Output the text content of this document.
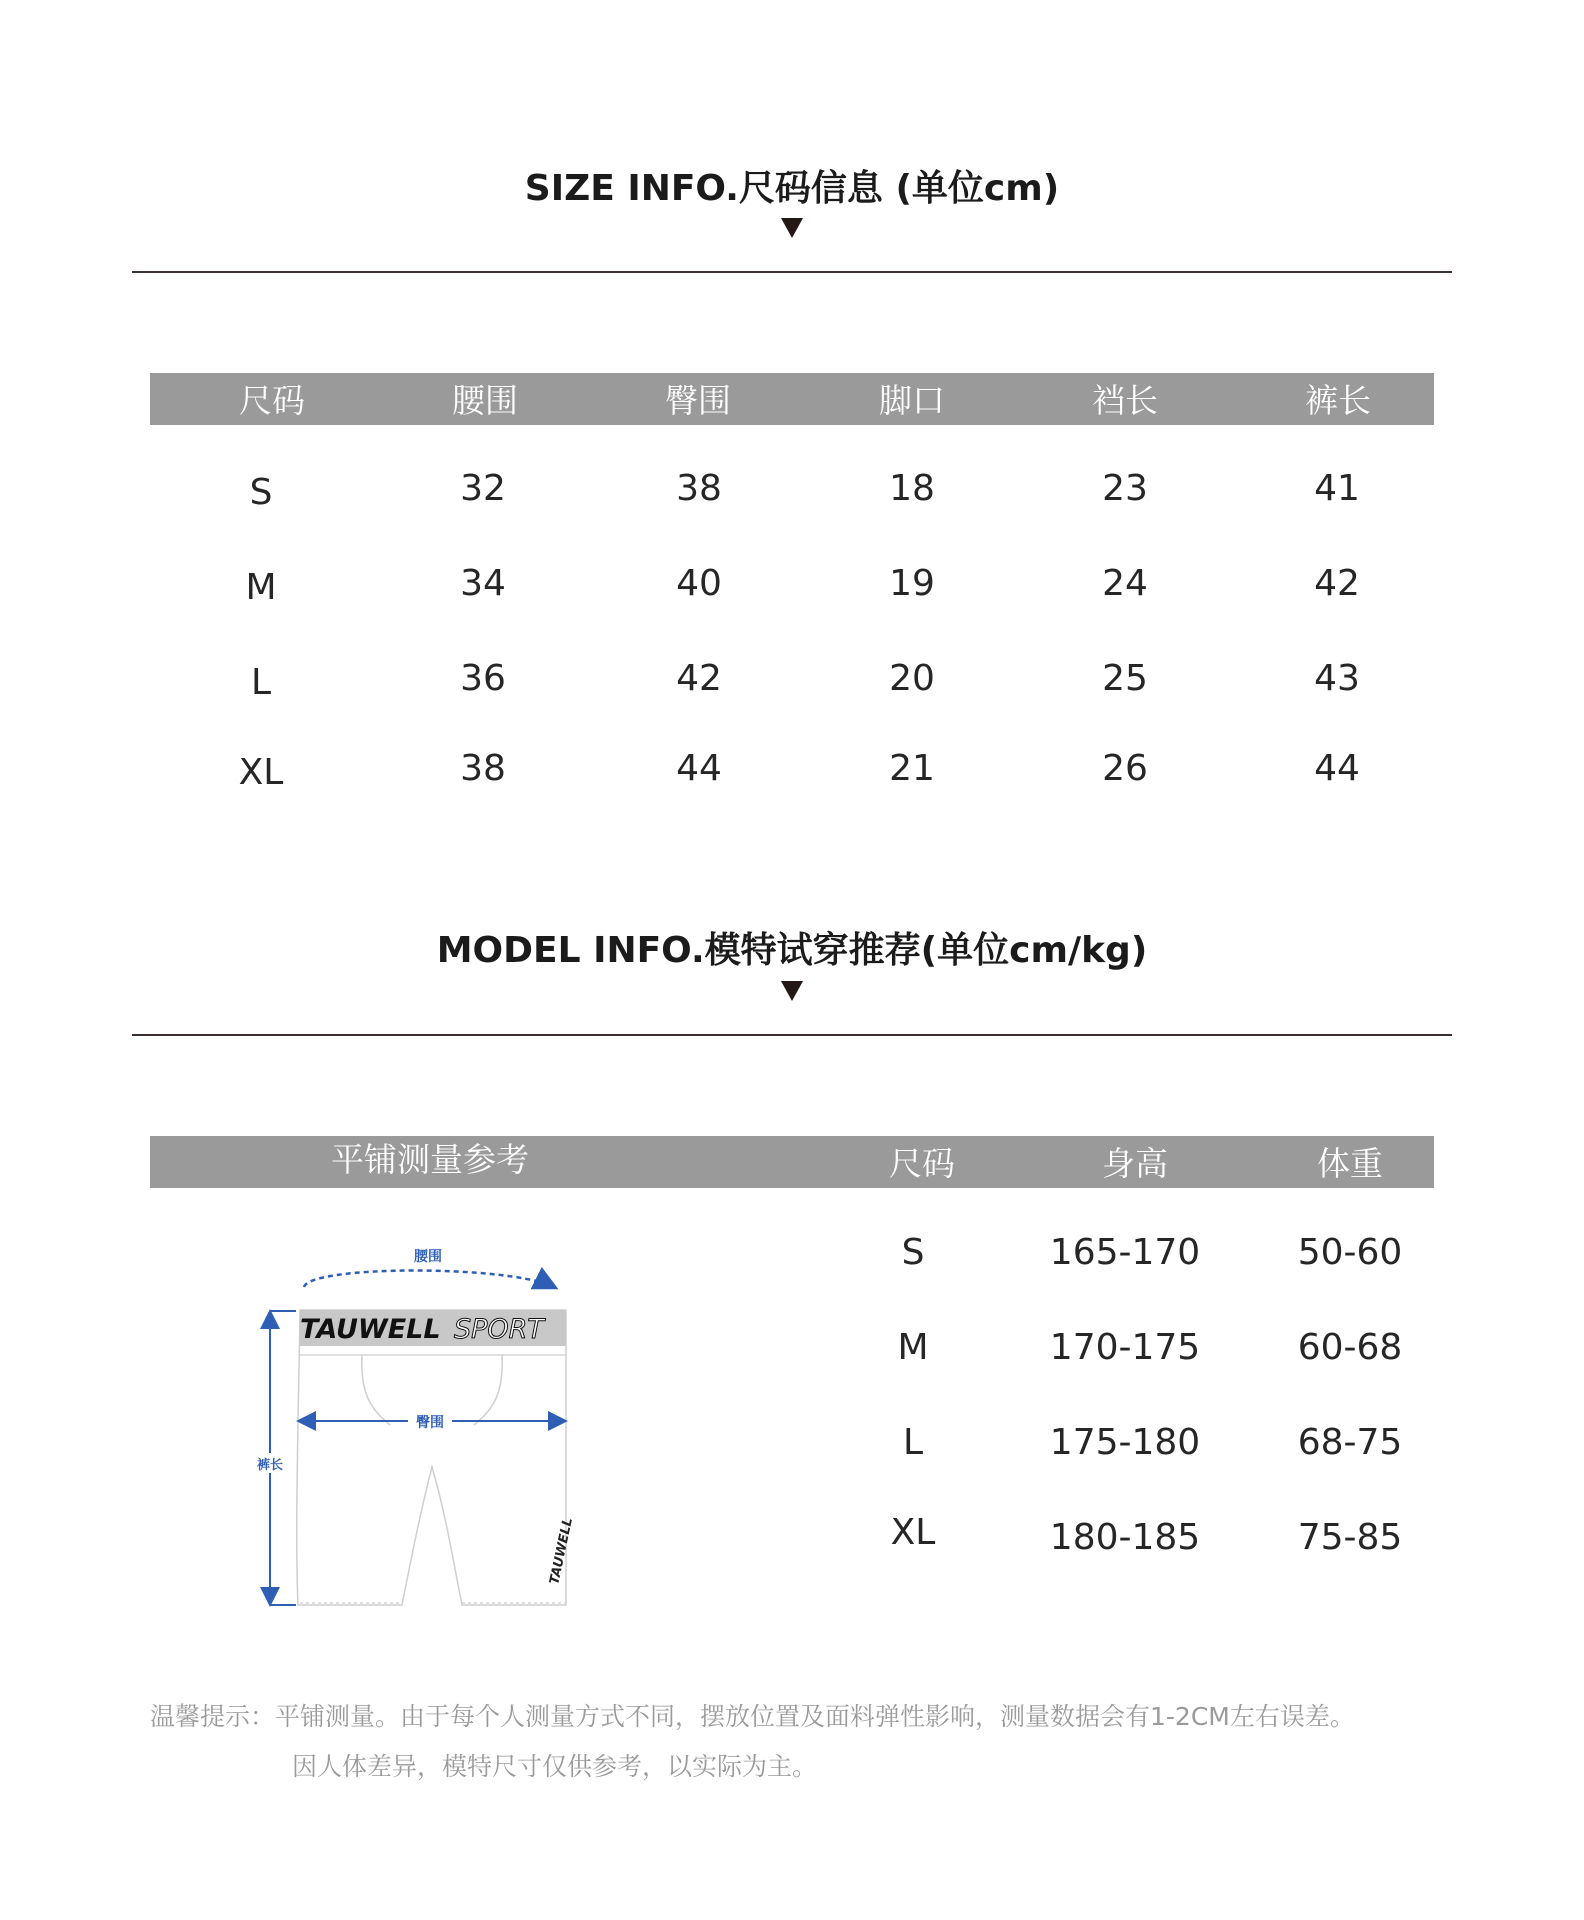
SIZE INFO.尺码信息 (单位cm)
尺码	腰围	臀围	脚口	裆长	裤长
S	32	38	18	23	41
M	34	40	19	24	42
L	36	42	20	25	43
XL	38	44	21	26	44
MODEL INFO.模特试穿推荐(单位cm/kg)
平铺测量参考	尺码	身高	体重
S	165-170	50-60
M	170-175	60-68
L	175-180	68-75
XL	180-185	75-85
腰围
TAUWELL SPORT
臀围
裤长
TAUWELL
温馨提示：平铺测量。由于每个人测量方式不同，摆放位置及面料弹性影响，测量数据会有1-2CM左右误差。
因人体差异，模特尺寸仅供参考，以实际为主。
